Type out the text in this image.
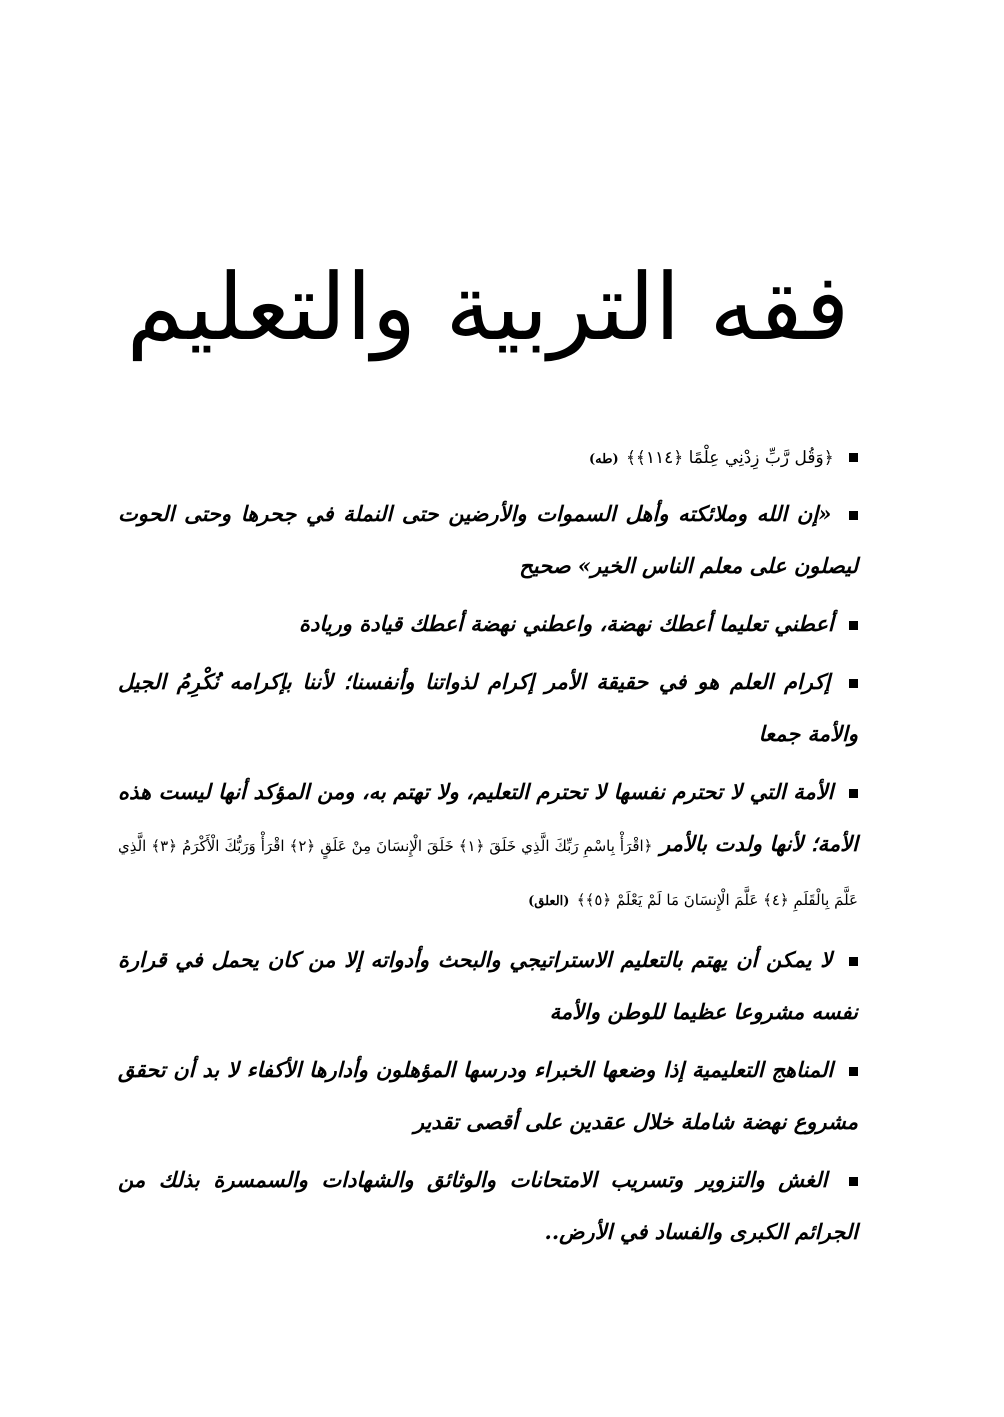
فقه التربية والتعليم

﴿وَقُل رَّبِّ زِدْنِي عِلْمًا ﴿١١٤﴾﴾ (طه)

«إن الله وملائكته وأهل السموات والأرضين حتى النملة في جحرها وحتى الحوت ليصلون على معلم الناس الخير» صحيح

أعطني تعليما أعطك نهضة، واعطني نهضة أعطك قيادة وريادة

إكرام العلم هو في حقيقة الأمر إكرام لذواتنا وأنفسنا؛ لأننا بإكرامه نُكْرِمُ الجيل والأمة جمعا

الأمة التي لا تحترم نفسها لا تحترم التعليم، ولا تهتم به، ومن المؤكد أنها ليست هذه الأمة؛ لأنها ولدت بالأمر ﴿اقْرَأْ بِاسْمِ رَبِّكَ الَّذِي خَلَقَ ﴿١﴾ خَلَقَ الْإِنسَانَ مِنْ عَلَقٍ ﴿٢﴾ اقْرَأْ وَرَبُّكَ الْأَكْرَمُ ﴿٣﴾ الَّذِي عَلَّمَ بِالْقَلَمِ ﴿٤﴾ عَلَّمَ الْإِنسَانَ مَا لَمْ يَعْلَمْ ﴿٥﴾﴾ (العلق)

لا يمكن أن يهتم بالتعليم الاستراتيجي والبحث وأدواته إلا من كان يحمل في قرارة نفسه مشروعا عظيما للوطن والأمة

المناهج التعليمية إذا وضعها الخبراء ودرسها المؤهلون وأدارها الأكفاء لا بد أن تحقق مشروع نهضة شاملة خلال عقدين على أقصى تقدير

الغش والتزوير وتسريب الامتحانات والوثائق والشهادات والسمسرة بذلك من الجرائم الكبرى والفساد في الأرض..
